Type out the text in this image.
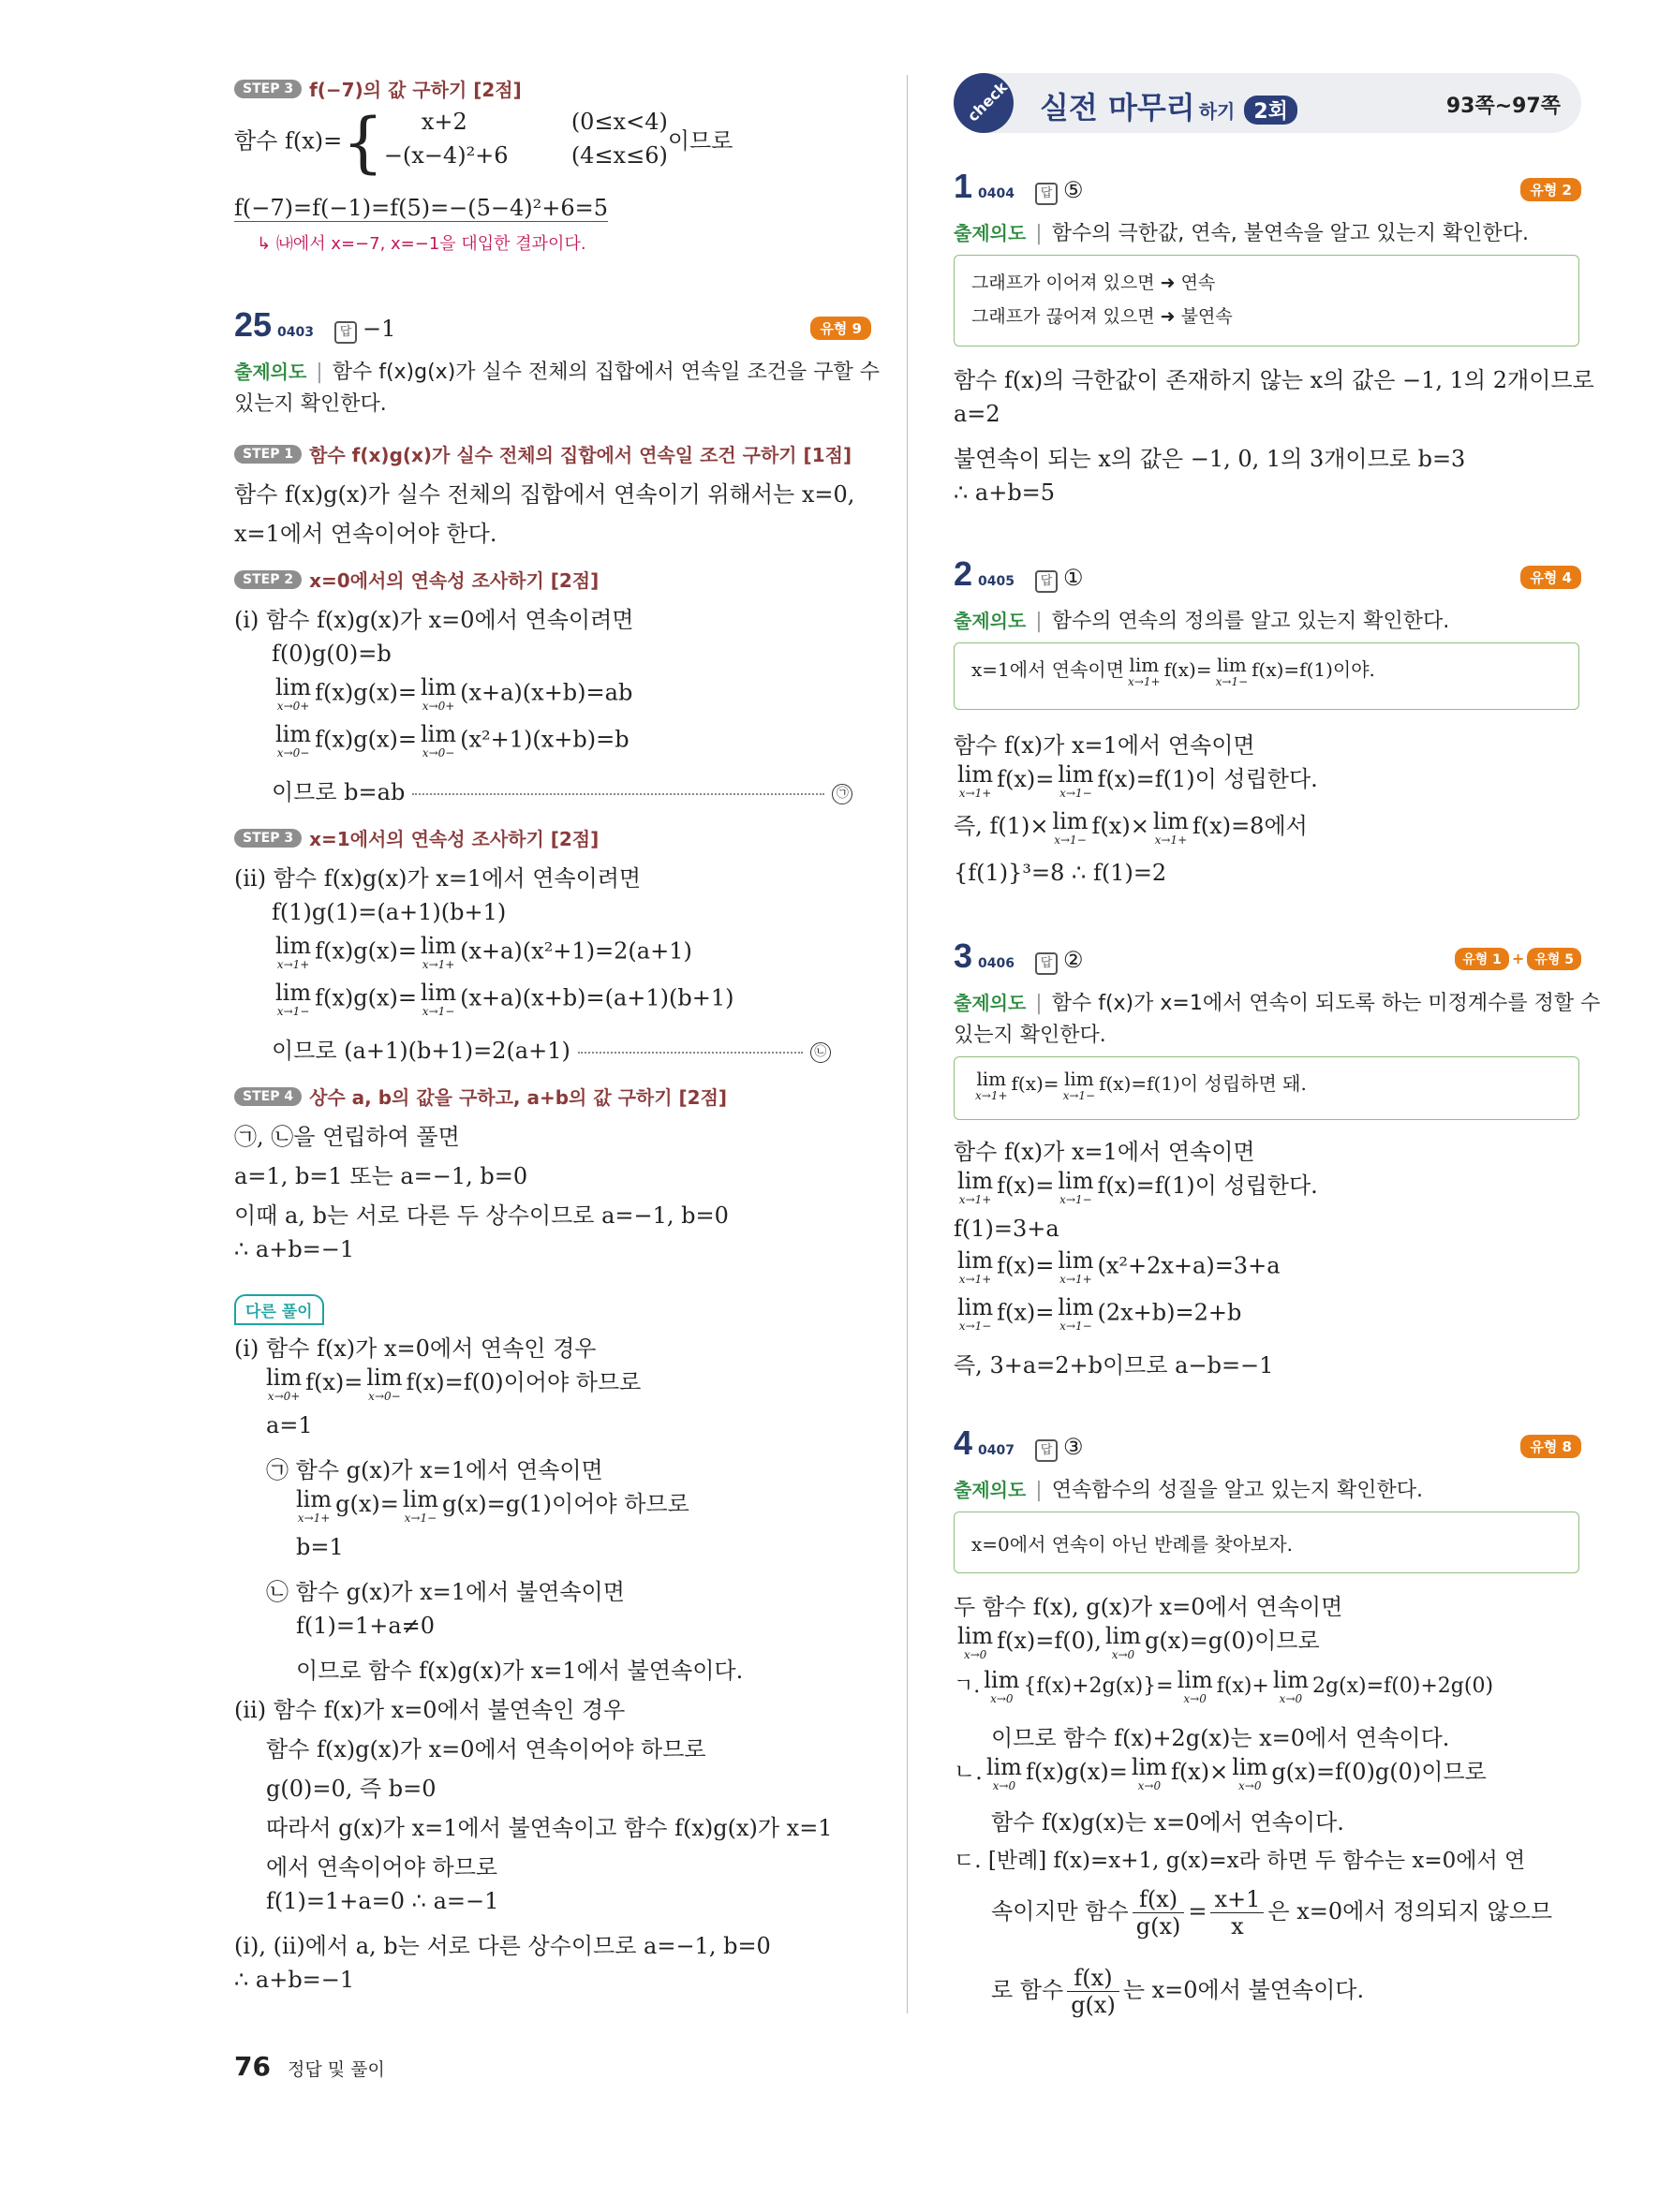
STEP 3 f(−7)의 값 구하기 [2점]
함수 f(x)={	x+2	(0≤x<4)
−(x−4)²+6	(4≤x≤6)
이므로
f(−7)=f(−1)=f(5)=−(5−4)²+6=5
↳ ㈏에서 x=−7, x=−1을 대입한 결과이다.
25 0403 답 −1	유형 9
출제의도 | 함수 f(x)g(x)가 실수 전체의 집합에서 연속일 조건을 구할 수
있는지 확인한다.
STEP 1 함수 f(x)g(x)가 실수 전체의 집합에서 연속일 조건 구하기 [1점]
함수 f(x)g(x)가 실수 전체의 집합에서 연속이기 위해서는 x=0,
x=1에서 연속이어야 한다.
STEP 2 x=0에서의 연속성 조사하기 [2점]
(ⅰ) 함수 f(x)g(x)가 x=0에서 연속이려면
f(0)g(0)=b
lim
x→0+
f(x)g(x)= lim
x→0+
(x+a)(x+b)=ab
lim
x→0−
f(x)g(x)= lim
x→0−
(x²+1)(x+b)=b
이므로 b=ab	㉠
STEP 3 x=1에서의 연속성 조사하기 [2점]
(ⅱ) 함수 f(x)g(x)가 x=1에서 연속이려면
f(1)g(1)=(a+1)(b+1)
lim
x→1+
f(x)g(x)= lim
x→1+
(x+a)(x²+1)=2(a+1)
lim
x→1−
f(x)g(x)= lim
x→1−
(x+a)(x+b)=(a+1)(b+1)
이므로 (a+1)(b+1)=2(a+1)	㉡
STEP 4 상수 a, b의 값을 구하고, a+b의 값 구하기 [2점]
㉠, ㉡을 연립하여 풀면
a=1, b=1 또는 a=−1, b=0
이때 a, b는 서로 다른 두 상수이므로 a=−1, b=0
∴ a+b=−1
다른 풀이
(ⅰ) 함수 f(x)가 x=0에서 연속인 경우
lim
x→0+
f(x)= lim
x→0−
f(x)=f(0)이어야 하므로
a=1
㉠ 함수 g(x)가 x=1에서 연속이면
lim
x→1+
g(x)= lim
x→1−
g(x)=g(1)이어야 하므로
b=1
㉡ 함수 g(x)가 x=1에서 불연속이면
f(1)=1+a≠0
이므로 함수 f(x)g(x)가 x=1에서 불연속이다.
(ⅱ) 함수 f(x)가 x=0에서 불연속인 경우
함수 f(x)g(x)가 x=0에서 연속이어야 하므로
g(0)=0, 즉 b=0
따라서 g(x)가 x=1에서 불연속이고 함수 f(x)g(x)가 x=1
에서 연속이어야 하므로
f(1)=1+a=0 ∴ a=−1
(ⅰ), (ⅱ)에서 a, b는 서로 다른 상수이므로 a=−1, b=0
∴ a+b=−1
check 실전 마무리 하기 2회	93쪽~97쪽
1 0404 답 ⑤	유형 2
출제의도 | 함수의 극한값, 연속, 불연속을 알고 있는지 확인한다.
그래프가 이어져 있으면 ➜ 연속
그래프가 끊어져 있으면 ➜ 불연속
함수 f(x)의 극한값이 존재하지 않는 x의 값은 −1, 1의 2개이므로
a=2
불연속이 되는 x의 값은 −1, 0, 1의 3개이므로 b=3
∴ a+b=5
2 0405 답 ①	유형 4
출제의도 | 함수의 연속의 정의를 알고 있는지 확인한다.
x=1에서 연속이면 lim
x→1+
f(x)= lim
x→1−
f(x)=f(1)이야.
함수 f(x)가 x=1에서 연속이면
lim
x→1+
f(x)= lim
x→1−
f(x)=f(1)이 성립한다.
즉, f(1)× lim
x→1−
f(x)× lim
x→1+
f(x)=8에서
{f(1)}³=8 ∴ f(1)=2
3 0406 답 ②	유형 1 + 유형 5
출제의도 | 함수 f(x)가 x=1에서 연속이 되도록 하는 미정계수를 정할 수
있는지 확인한다.
lim
x→1+
f(x)= lim
x→1−
f(x)=f(1)이 성립하면 돼.
함수 f(x)가 x=1에서 연속이면
lim
x→1+
f(x)= lim
x→1−
f(x)=f(1)이 성립한다.
f(1)=3+a
lim
x→1+
f(x)= lim
x→1+
(x²+2x+a)=3+a
lim
x→1−
f(x)= lim
x→1−
(2x+b)=2+b
즉, 3+a=2+b이므로 a−b=−1
4 0407 답 ③	유형 8
출제의도 | 연속함수의 성질을 알고 있는지 확인한다.
x=0에서 연속이 아닌 반례를 찾아보자.
두 함수 f(x), g(x)가 x=0에서 연속이면
lim
x→0
f(x)=f(0), lim
x→0
g(x)=g(0)이므로
ㄱ. lim
x→0
{f(x)+2g(x)}= lim
x→0
f(x)+ lim
x→0
2g(x)=f(0)+2g(0)
이므로 함수 f(x)+2g(x)는 x=0에서 연속이다.
ㄴ. lim
x→0
f(x)g(x)= lim
x→0
f(x)× lim
x→0
g(x)=f(0)g(0)이므로
함수 f(x)g(x)는 x=0에서 연속이다.
ㄷ. [반례] f(x)=x+1, g(x)=x라 하면 두 함수는 x=0에서 연
속이지만 함수 $\frac{f(x)}{g(x)} = \frac{x+1}{x}$ 은 x=0에서 정의되지 않으므
로 함수 $\frac{f(x)}{g(x)}$ 는 x=0에서 불연속이다.
76 정답 및 풀이
